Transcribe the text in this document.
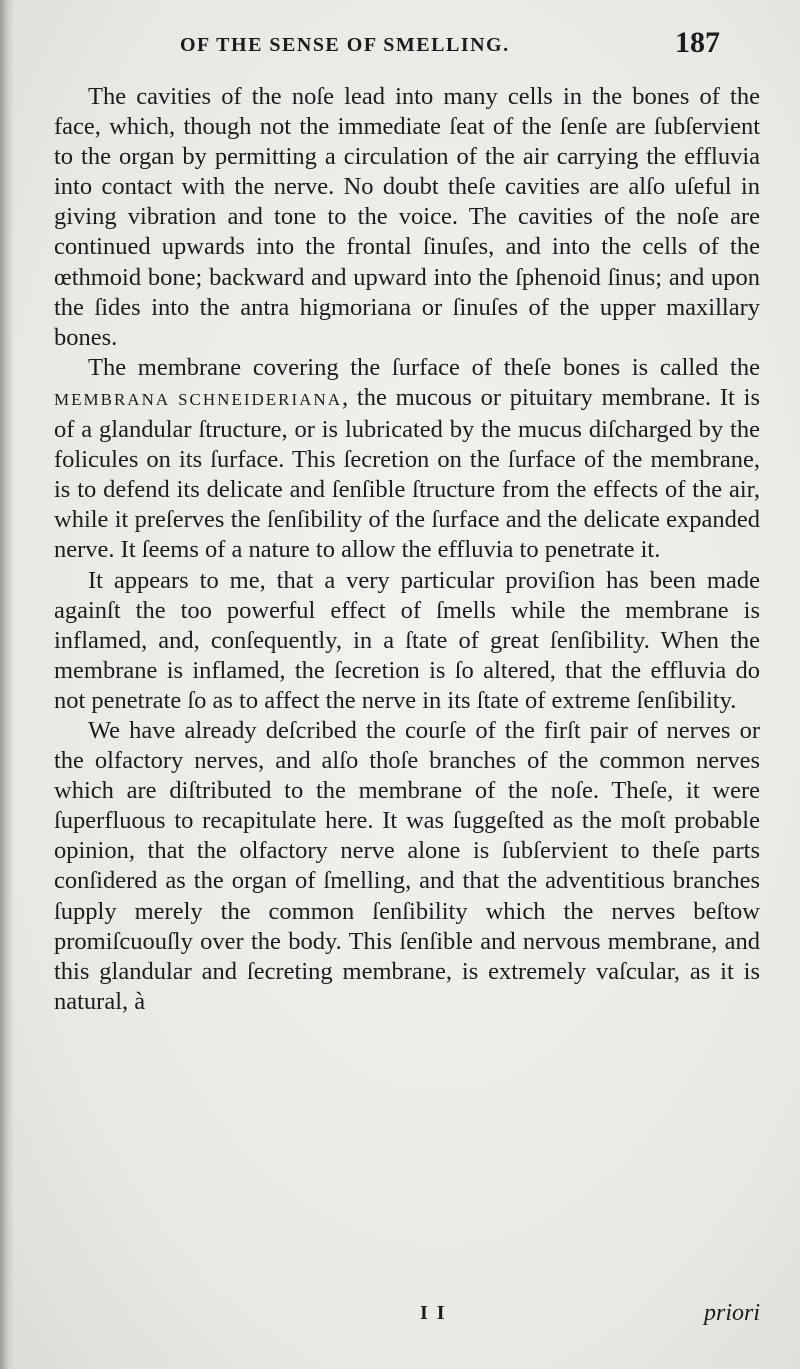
OF THE SENSE OF SMELLING.	187

The cavities of the noſe lead into many cells in the bones of the face, which, though not the immediate ſeat of the ſenſe are ſubſervient to the organ by permitting a circulation of the air carrying the effluvia into contact with the nerve. No doubt theſe cavities are alſo uſeful in giving vibration and tone to the voice. The cavities of the noſe are continued upwards into the frontal ſinuſes, and into the cells of the œthmoid bone; backward and upward into the ſphenoid ſinus; and upon the ſides into the antra higmoriana or ſinuſes of the upper maxillary bones.

The membrane covering the ſurface of theſe bones is called the MEMBRANA SCHNEIDERIANA, the mucous or pituitary membrane. It is of a glandular ſtructure, or is lubricated by the mucus diſcharged by the folicules on its ſurface. This ſecretion on the ſurface of the membrane, is to defend its delicate and ſenſible ſtructure from the effects of the air, while it preſerves the ſenſibility of the ſurface and the delicate expanded nerve. It ſeems of a nature to allow the effluvia to penetrate it.

It appears to me, that a very particular proviſion has been made againſt the too powerful effect of ſmells while the membrane is inflamed, and, conſequently, in a ſtate of great ſenſibility. When the membrane is inflamed, the ſecretion is ſo altered, that the effluvia do not penetrate ſo as to affect the nerve in its ſtate of extreme ſenſibility.

We have already deſcribed the courſe of the firſt pair of nerves or the olfactory nerves, and alſo thoſe branches of the common nerves which are diſtributed to the membrane of the noſe. Theſe, it were ſuperfluous to recapitulate here. It was ſuggeſted as the moſt probable opinion, that the olfactory nerve alone is ſubſervient to theſe parts conſidered as the organ of ſmelling, and that the adventitious branches ſupply merely the common ſenſibility which the nerves beſtow promiſcuouſly over the body. This ſenſible and nervous membrane, and this glandular and ſecreting membrane, is extremely vaſcular, as it is natural, à

I I	priori
